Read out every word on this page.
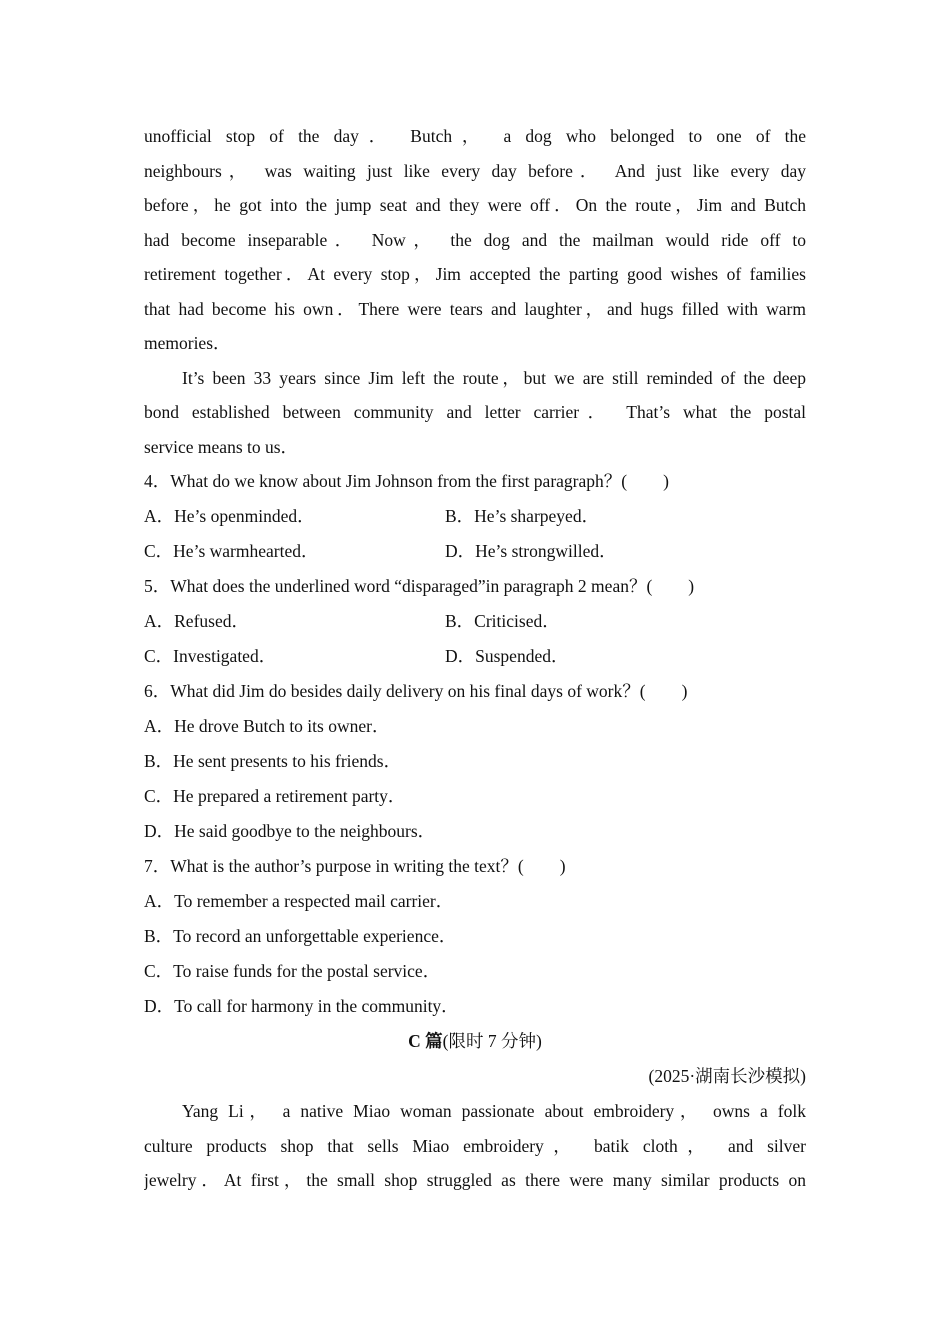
unofficial stop of the day． Butch， a dog who belonged to one of the
neighbours， was waiting just like every day before． And just like every day
before，he got into the jump seat and they were off．On the route，Jim and Butch
had become inseparable． Now， the dog and the mailman would ride off to
retirement together．At every stop，Jim accepted the parting good wishes of families
that had become his own．There were tears and laughter，and hugs filled with warm
memories．
It’s been 33 years since Jim left the route，but we are still reminded of the deep
bond established between community and letter carrier． That’s what the postal
service means to us．
4．What do we know about Jim Johnson from the first paragraph？( )
A．He’s openminded．	B．He’s sharpeyed．
C．He’s warmhearted．	D．He’s strongwilled．
5．What does the underlined word “disparaged”in paragraph 2 mean？( )
A．Refused．	B．Criticised．
C．Investigated．	D．Suspended．
6．What did Jim do besides daily delivery on his final days of work？( )
A．He drove Butch to its owner．
B．He sent presents to his friends．
C．He prepared a retirement party．
D．He said goodbye to the neighbours．
7．What is the author’s purpose in writing the text？( )
A．To remember a respected mail carrier．
B．To record an unforgettable experience．
C．To raise funds for the postal service．
D．To call for harmony in the community．
C 篇(限时 7 分钟)
(2025·湖南长沙模拟)
Yang Li， a native Miao woman passionate about embroidery， owns a folk
culture products shop that sells Miao embroidery， batik cloth， and silver
jewelry．At first，the small shop struggled as there were many similar products on
